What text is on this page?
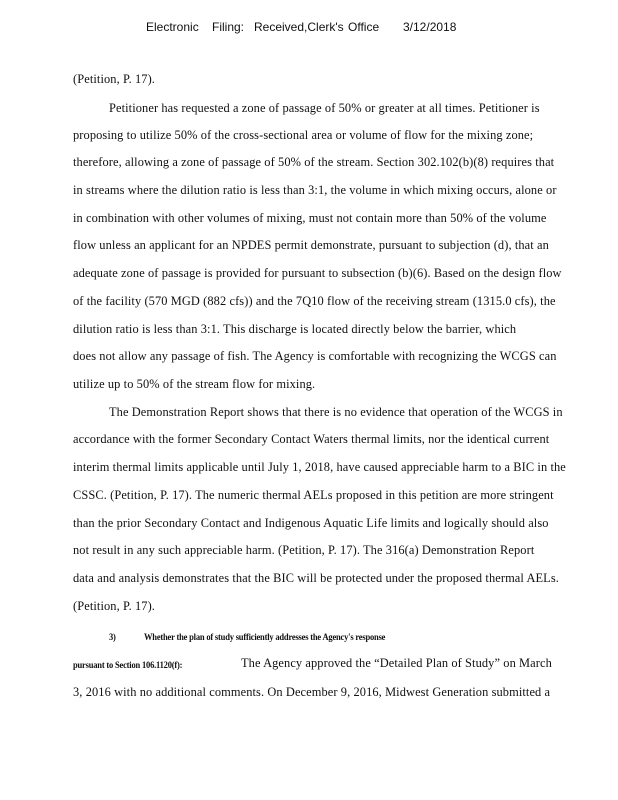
Electronic Filing: Received,Clerk's Office 3/12/2018
(Petition, P. 17).
Petitioner has requested a zone of passage of 50% or greater at all times. Petitioner is
proposing to utilize 50% of the cross-sectional area or volume of flow for the mixing zone;
therefore, allowing a zone of passage of 50% of the stream. Section 302.102(b)(8) requires that
in streams where the dilution ratio is less than 3:1, the volume in which mixing occurs, alone or
in combination with other volumes of mixing, must not contain more than 50% of the volume
flow unless an applicant for an NPDES permit demonstrate, pursuant to subjection (d), that an
adequate zone of passage is provided for pursuant to subsection (b)(6). Based on the design flow
of the facility (570 MGD (882 cfs)) and the 7Q10 flow of the receiving stream (1315.0 cfs), the
dilution ratio is less than 3:1. This discharge is located directly below the barrier, which
does not allow any passage of fish. The Agency is comfortable with recognizing the WCGS can
utilize up to 50% of the stream flow for mixing.
The Demonstration Report shows that there is no evidence that operation of the WCGS in
accordance with the former Secondary Contact Waters thermal limits, nor the identical current
interim thermal limits applicable until July 1, 2018, have caused appreciable harm to a BIC in the
CSSC. (Petition, P. 17). The numeric thermal AELs proposed in this petition are more stringent
than the prior Secondary Contact and Indigenous Aquatic Life limits and logically should also
not result in any such appreciable harm. (Petition, P. 17). The 316(a) Demonstration Report
data and analysis demonstrates that the BIC will be protected under the proposed thermal AELs.
(Petition, P. 17).
3)	Whether the plan of study sufficiently addresses the Agency's response
pursuant to Section 106.1120(f):	The Agency approved the “Detailed Plan of Study” on March
3, 2016 with no additional comments. On December 9, 2016, Midwest Generation submitted a
